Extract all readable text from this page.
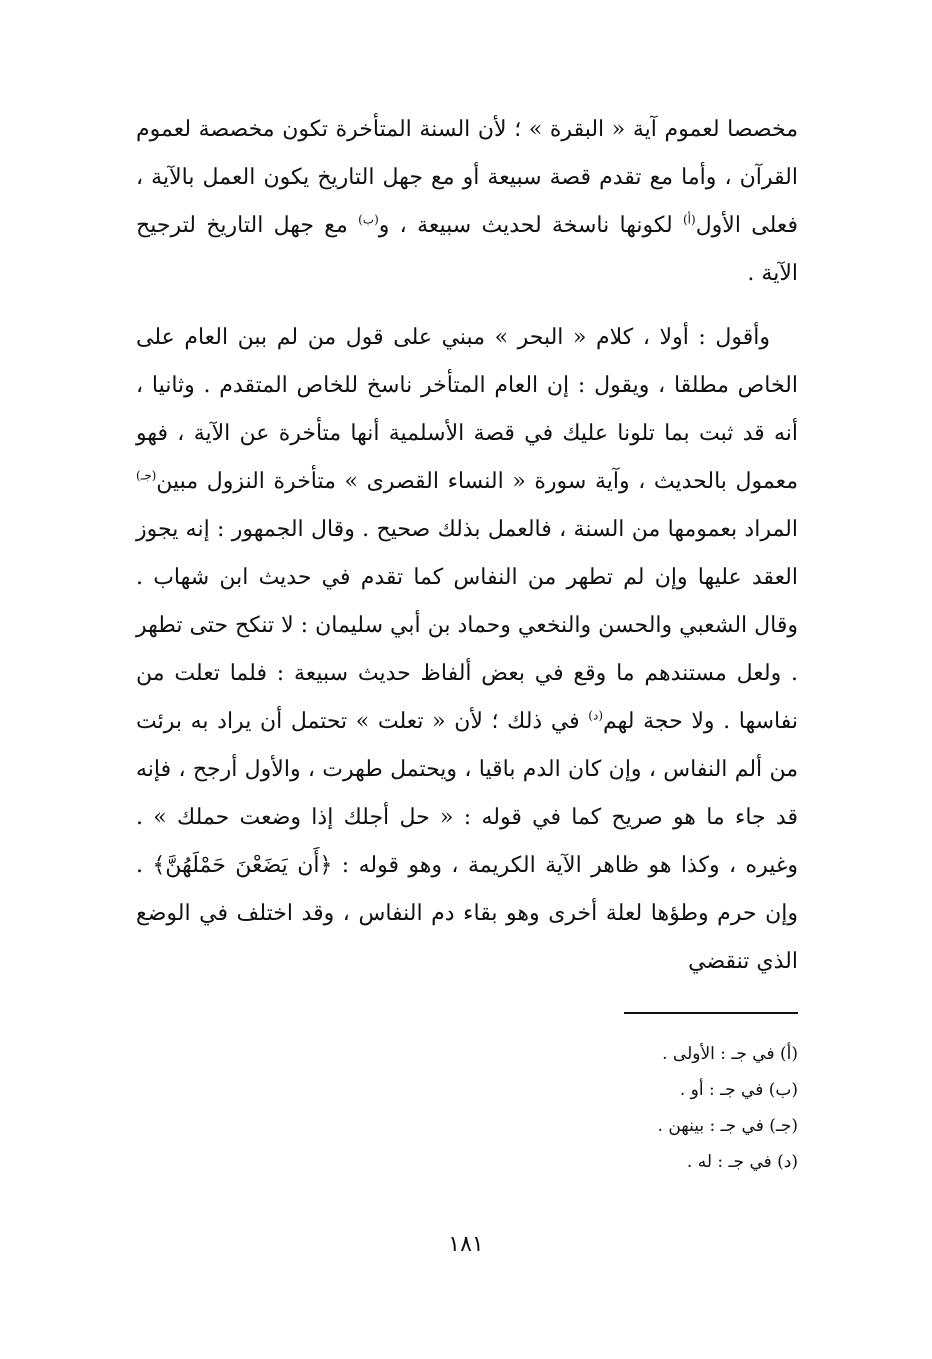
مخصصا لعموم آية « البقرة » ؛ لأن السنة المتأخرة تكون مخصصة لعموم القرآن ، وأما مع تقدم قصة سبيعة أو مع جهل التاريخ يكون العمل بالآية ، فعلى الأول$^{(أ)}$ لكونها ناسخة لحديث سبيعة ، و$^{(ب)}$ مع جهل التاريخ لترجيح الآية .

وأقول : أولا ، كلام « البحر » مبني على قول من لم ببن العام على الخاص مطلقا ، ويقول : إن العام المتأخر ناسخ للخاص المتقدم . وثانيا ، أنه قد ثبت بما تلونا عليك في قصة الأسلمية أنها متأخرة عن الآية ، فهو معمول بالحديث ، وآية سورة « النساء القصرى » متأخرة النزول مبين$^{(جـ)}$ المراد بعمومها من السنة ، فالعمل بذلك صحيح . وقال الجمهور : إنه يجوز العقد عليها وإن لم تطهر من النفاس كما تقدم في حديث ابن شهاب . وقال الشعبي والحسن والنخعي وحماد بن أبي سليمان : لا تنكح حتى تطهر . ولعل مستندهم ما وقع في بعض ألفاظ حديث سبيعة : فلما تعلت من نفاسها . ولا حجة لهم$^{(د)}$ في ذلك ؛ لأن « تعلت » تحتمل أن يراد به برئت من ألم النفاس ، وإن كان الدم باقيا ، ويحتمل طهرت ، والأول أرجح ، فإنه قد جاء ما هو صريح كما في قوله : « حل أجلك إذا وضعت حملك » . وغيره ، وكذا هو ظاهر الآية الكريمة ، وهو قوله : ﴿أَن يَضَعْنَ حَمْلَهُنَّ﴾ . وإن حرم وطؤها لعلة أخرى وهو بقاء دم النفاس ، وقد اختلف في الوضع الذي تنقضي

(أ) في جـ : الأولى .
(ب) في جـ : أو .
(جـ) في جـ : بينهن .
(د) في جـ : له .
١٨١
